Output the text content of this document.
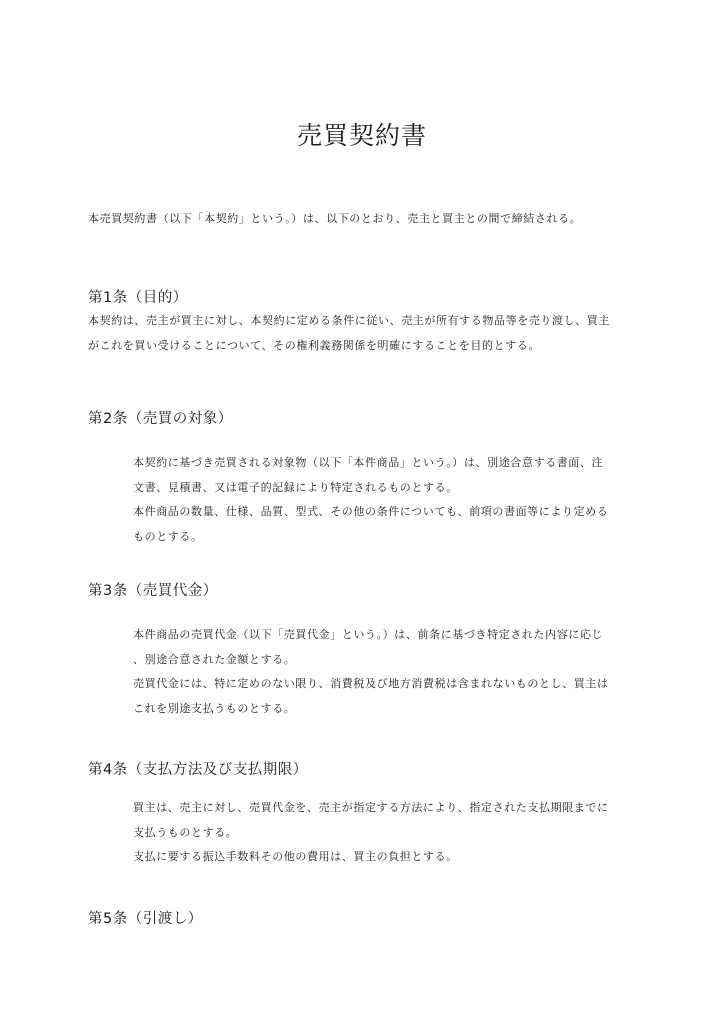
売買契約書
本売買契約書（以下「本契約」という。）は、以下のとおり、売主と買主との間で締結される。
第1条（目的）
本契約は、売主が買主に対し、本契約に定める条件に従い、売主が所有する物品等を売り渡し、買主
がこれを買い受けることについて、その権利義務関係を明確にすることを目的とする。
第2条（売買の対象）
本契約に基づき売買される対象物（以下「本件商品」という。）は、別途合意する書面、注
文書、見積書、又は電子的記録により特定されるものとする。
本件商品の数量、仕様、品質、型式、その他の条件についても、前項の書面等により定める
ものとする。
第3条（売買代金）
本件商品の売買代金（以下「売買代金」という。）は、前条に基づき特定された内容に応じ
、別途合意された金額とする。
売買代金には、特に定めのない限り、消費税及び地方消費税は含まれないものとし、買主は
これを別途支払うものとする。
第4条（支払方法及び支払期限）
買主は、売主に対し、売買代金を、売主が指定する方法により、指定された支払期限までに
支払うものとする。
支払に要する振込手数料その他の費用は、買主の負担とする。
第5条（引渡し）
